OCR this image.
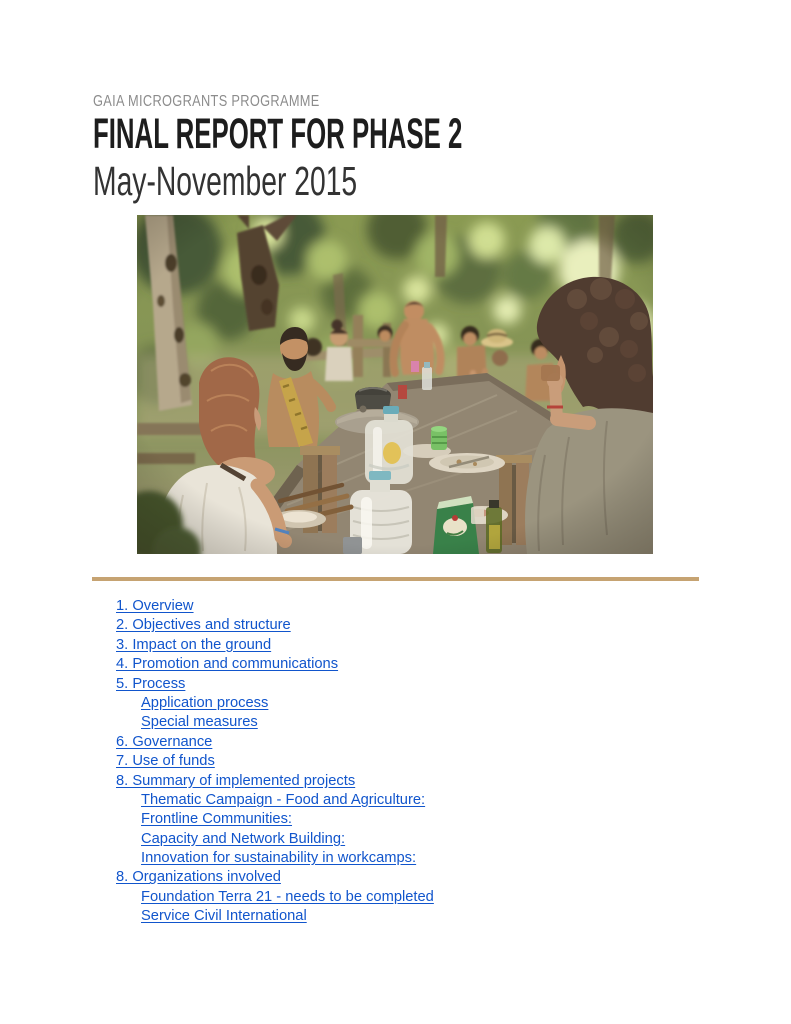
GAIA MICROGRANTS PROGRAMME
FINAL REPORT FOR PHASE 2
May-November 2015
1. Overview
2. Objectives and structure
3. Impact on the ground
4. Promotion and communications
5. Process
Application process
Special measures
6. Governance
7. Use of funds
8. Summary of implemented projects
Thematic Campaign - Food and Agriculture:
Frontline Communities:
Capacity and Network Building:
Innovation for sustainability in workcamps:
8. Organizations involved
Foundation Terra 21 - needs to be completed
Service Civil International
